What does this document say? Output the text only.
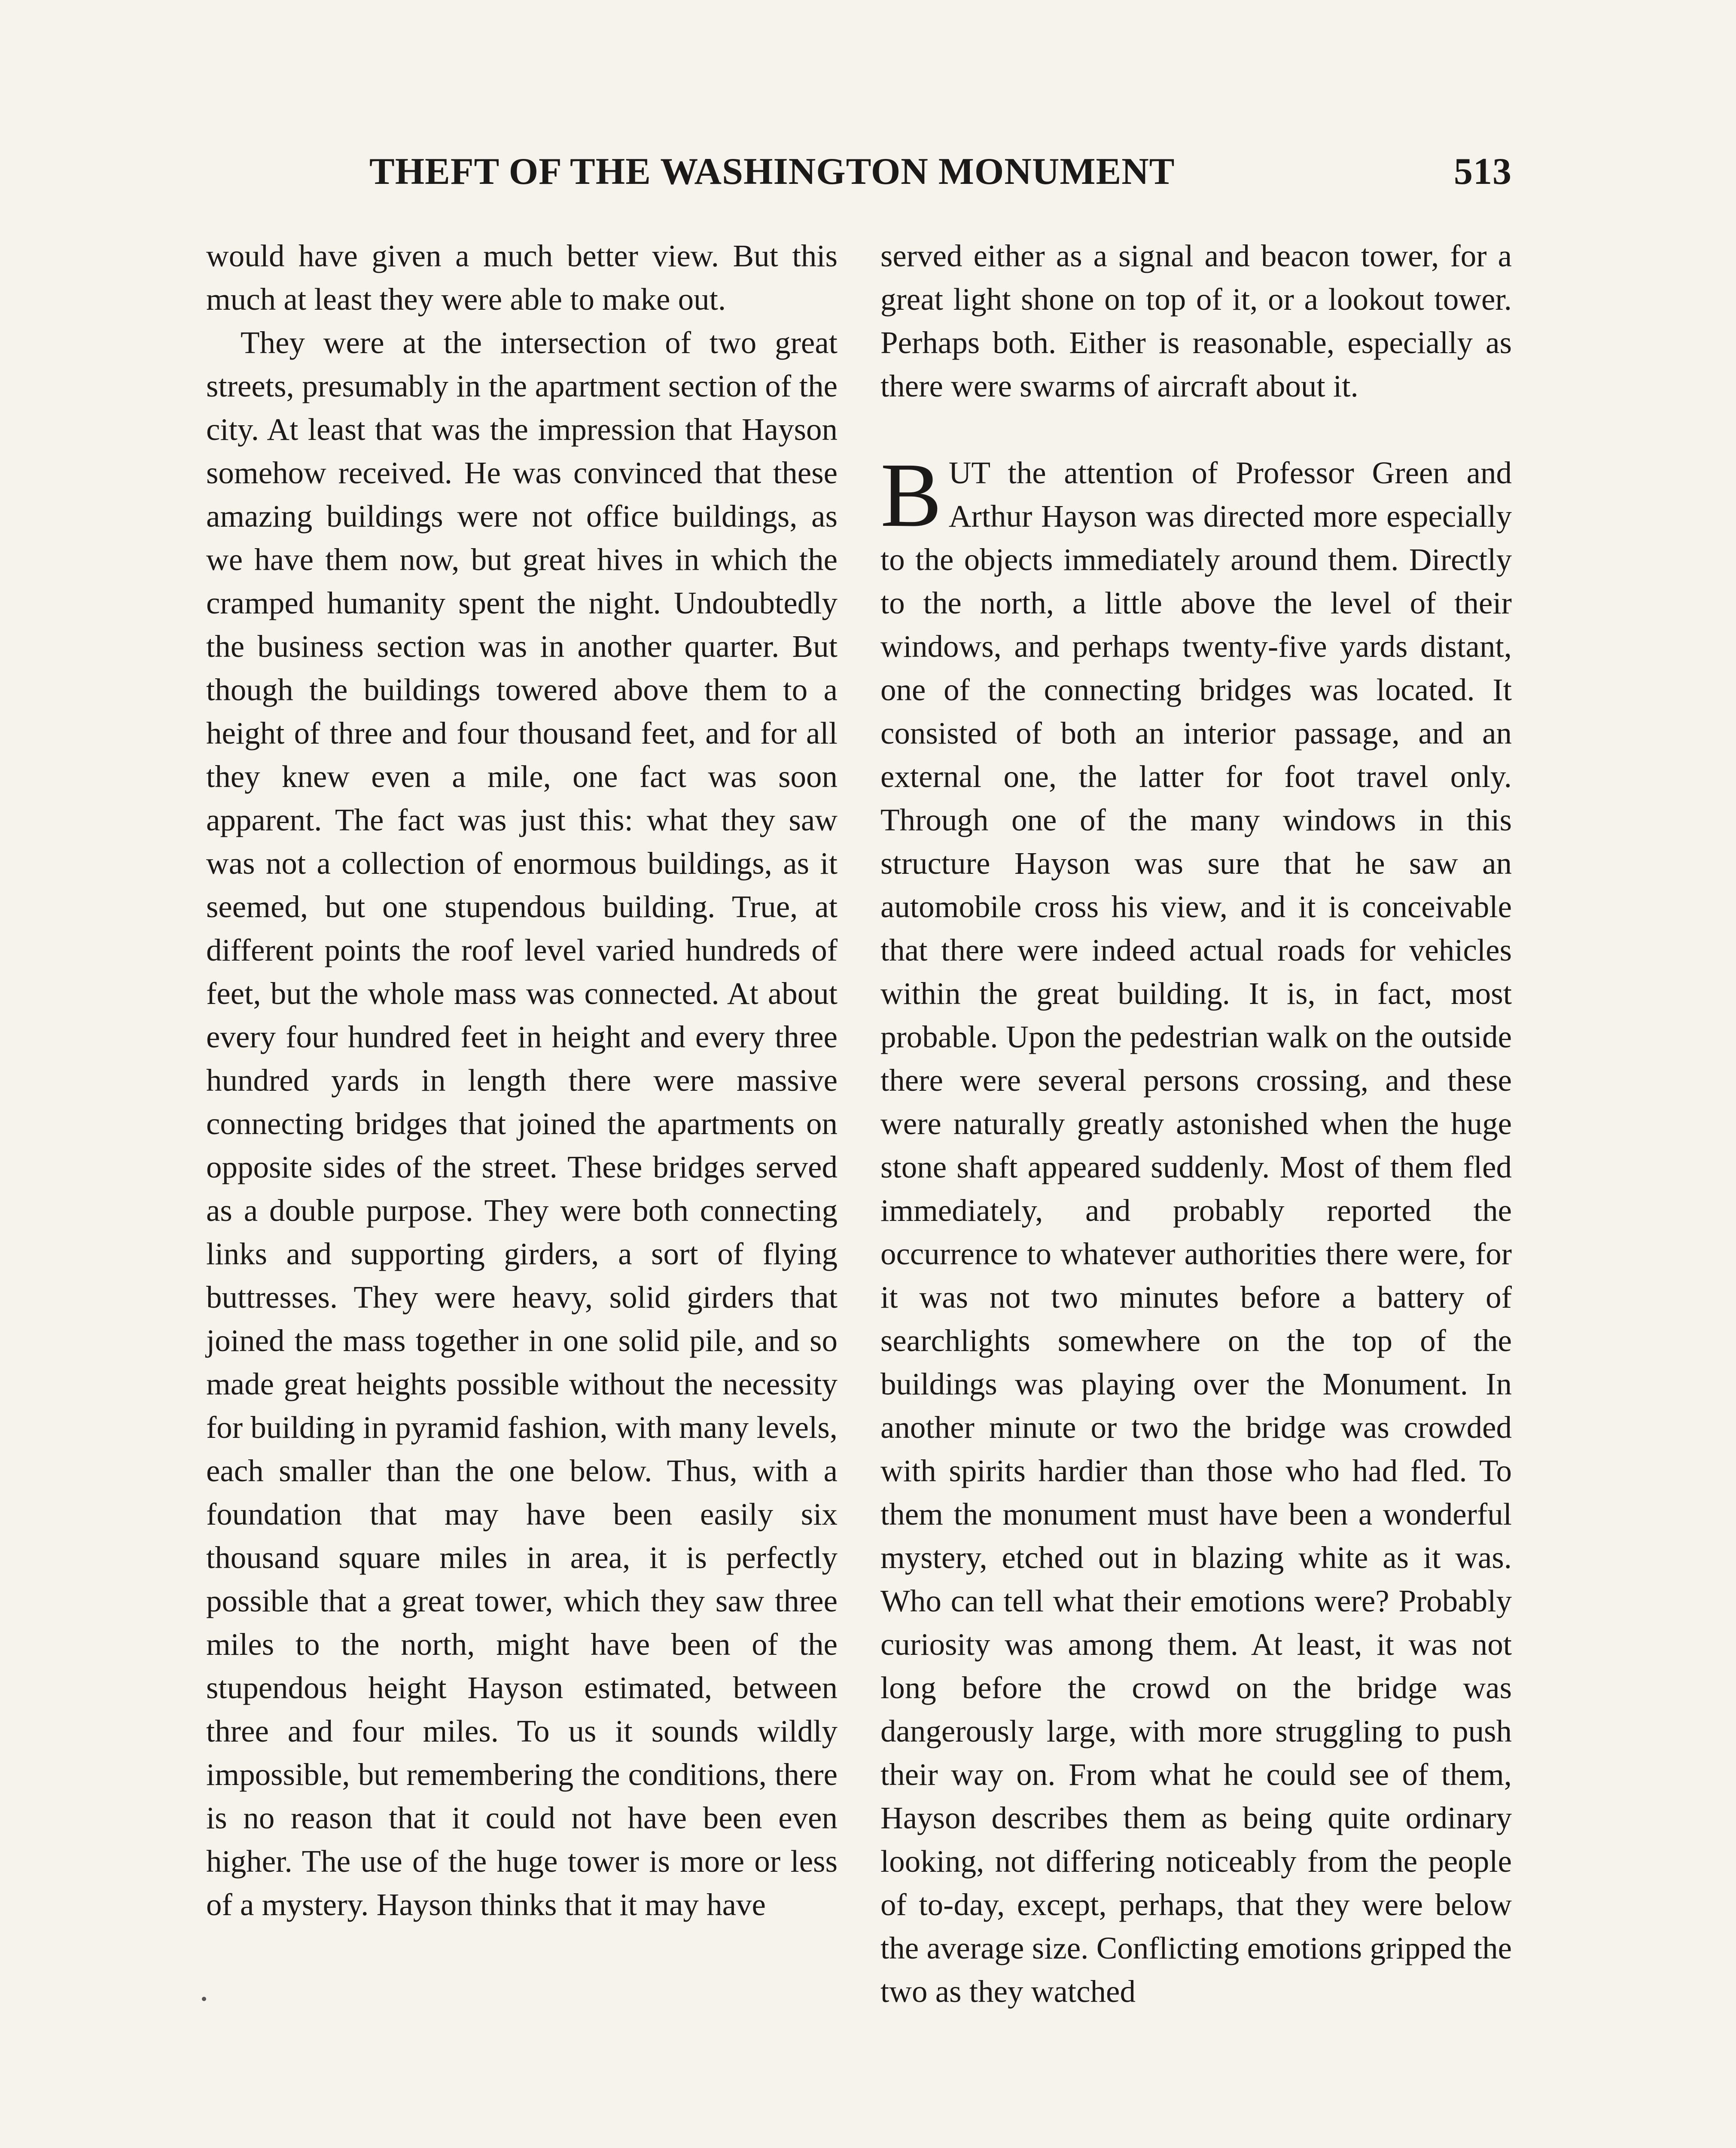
THEFT OF THE WASHINGTON MONUMENT	513

would have given a much better view. But this much at least they were able to make out.

They were at the intersection of two great streets, presumably in the apartment section of the city. At least that was the impression that Hayson somehow received. He was convinced that these amazing buildings were not office buildings, as we have them now, but great hives in which the cramped humanity spent the night. Undoubtedly the business section was in another quarter. But though the buildings towered above them to a height of three and four thousand feet, and for all they knew even a mile, one fact was soon apparent. The fact was just this: what they saw was not a collection of enormous buildings, as it seemed, but one stupendous building. True, at different points the roof level varied hundreds of feet, but the whole mass was connected. At about every four hundred feet in height and every three hundred yards in length there were massive connecting bridges that joined the apartments on opposite sides of the street. These bridges served as a double purpose. They were both connecting links and supporting girders, a sort of flying buttresses. They were heavy, solid girders that joined the mass together in one solid pile, and so made great heights possible without the necessity for building in pyramid fashion, with many levels, each smaller than the one below. Thus, with a foundation that may have been easily six thousand square miles in area, it is perfectly possible that a great tower, which they saw three miles to the north, might have been of the stupendous height Hayson estimated, between three and four miles. To us it sounds wildly impossible, but remembering the conditions, there is no reason that it could not have been even higher. The use of the huge tower is more or less of a mystery. Hayson thinks that it may have

served either as a signal and beacon tower, for a great light shone on top of it, or a lookout tower. Perhaps both. Either is reasonable, especially as there were swarms of aircraft about it.

BUT the attention of Professor Green and Arthur Hayson was directed more especially to the objects immediately around them. Directly to the north, a little above the level of their windows, and perhaps twenty-five yards distant, one of the connecting bridges was located. It consisted of both an interior passage, and an external one, the latter for foot travel only. Through one of the many windows in this structure Hayson was sure that he saw an automobile cross his view, and it is conceivable that there were indeed actual roads for vehicles within the great building. It is, in fact, most probable. Upon the pedestrian walk on the outside there were several persons crossing, and these were naturally greatly astonished when the huge stone shaft appeared suddenly. Most of them fled immediately, and probably reported the occurrence to whatever authorities there were, for it was not two minutes before a battery of searchlights somewhere on the top of the buildings was playing over the Monument. In another minute or two the bridge was crowded with spirits hardier than those who had fled. To them the monument must have been a wonderful mystery, etched out in blazing white as it was. Who can tell what their emotions were? Probably curiosity was among them. At least, it was not long before the crowd on the bridge was dangerously large, with more struggling to push their way on. From what he could see of them, Hayson describes them as being quite ordinary looking, not differing noticeably from the people of to-day, except, perhaps, that they were below the average size. Conflicting emotions gripped the two as they watched
